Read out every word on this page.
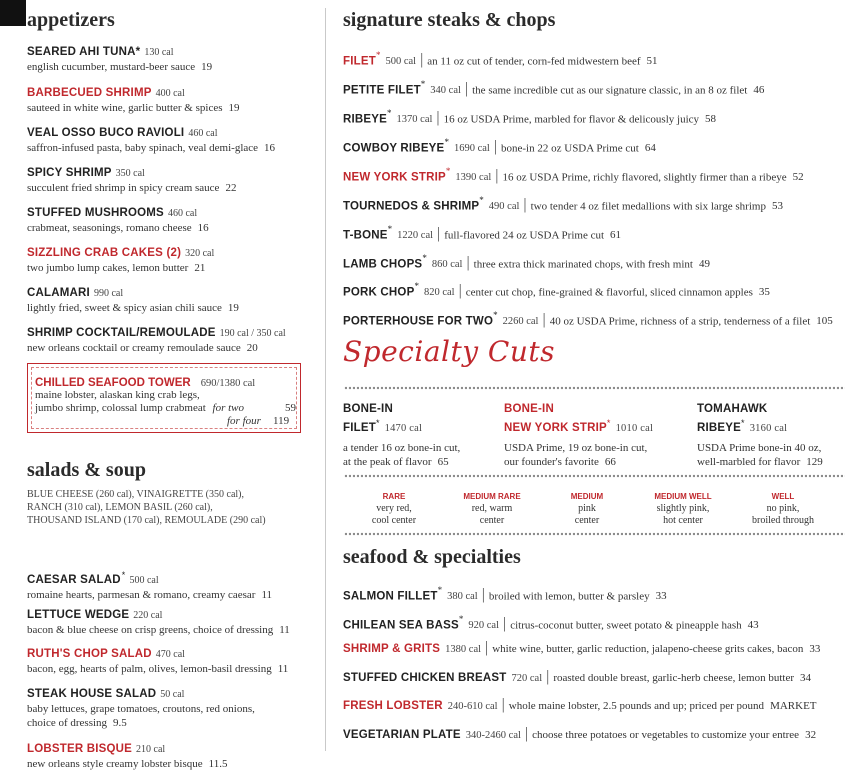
appetizers
SEARED AHI TUNA* 130 cal
english cucumber, mustard-beer sauce 19
BARBECUED SHRIMP 400 cal
sauteed in white wine, garlic butter & spices 19
VEAL OSSO BUCO RAVIOLI 460 cal
saffron-infused pasta, baby spinach, veal demi-glace 16
SPICY SHRIMP 350 cal
succulent fried shrimp in spicy cream sauce 22
STUFFED MUSHROOMS 460 cal
crabmeat, seasonings, romano cheese 16
SIZZLING CRAB CAKES (2) 320 cal
two jumbo lump cakes, lemon butter 21
CALAMARI 990 cal
lightly fried, sweet & spicy asian chili sauce 19
SHRIMP COCKTAIL/REMOULADE 190 cal / 350 cal
new orleans cocktail or creamy remoulade sauce 20
CHILLED SEAFOOD TOWER 690/1380 cal
maine lobster, alaskan king crab legs,
jumbo shrimp, colossal lump crabmeat for two	59
for four 119
salads & soup
BLUE CHEESE (260 cal), VINAIGRETTE (350 cal),
RANCH (310 cal), LEMON BASIL (260 cal),
THOUSAND ISLAND (170 cal), REMOULADE (290 cal)
CAESAR SALAD* 500 cal
romaine hearts, parmesan & romano, creamy caesar 11
LETTUCE WEDGE 220 cal
bacon & blue cheese on crisp greens, choice of dressing 11
RUTH'S CHOP SALAD 470 cal
bacon, egg, hearts of palm, olives, lemon-basil dressing 11
STEAK HOUSE SALAD 50 cal
baby lettuces, grape tomatoes, croutons, red onions,
choice of dressing 9.5
LOBSTER BISQUE 210 cal
new orleans style creamy lobster bisque 11.5
signature steaks & chops
FILET*500 cal | an 11 oz cut of tender, corn-fed midwestern beef 51
PETITE FILET*340 cal | the same incredible cut as our signature classic, in an 8 oz filet 46
RIBEYE*1370 cal | 16 oz USDA Prime, marbled for flavor & delicously juicy 58
COWBOY RIBEYE*1690 cal | bone-in 22 oz USDA Prime cut 64
NEW YORK STRIP*1390 cal | 16 oz USDA Prime, richly flavored, slightly firmer than a ribeye 52
TOURNEDOS & SHRIMP*490 cal | two tender 4 oz filet medallions with six large shrimp 53
T-BONE*1220 cal | full-flavored 24 oz USDA Prime cut 61
LAMB CHOPS*860 cal | three extra thick marinated chops, with fresh mint 49
PORK CHOP*820 cal | center cut chop, fine-grained & flavorful, sliced cinnamon apples 35
PORTERHOUSE FOR TWO*2260 cal | 40 oz USDA Prime, richness of a strip, tenderness of a filet 105
Specialty Cuts
BONE-IN
FILET* 1470 cal
a tender 16 oz bone-in cut,
at the peak of flavor 65
BONE-IN
NEW YORK STRIP* 1010 cal
USDA Prime, 19 oz bone-in cut,
our founder's favorite 66
TOMAHAWK
RIBEYE* 3160 cal
USDA Prime bone-in 40 oz,
well-marbled for flavor 129
RARE
very red,
cool center
MEDIUM RARE
red, warm
center
MEDIUM
pink
center
MEDIUM WELL
slightly pink,
hot center
WELL
no pink,
broiled through
seafood & specialties
SALMON FILLET*380 cal | broiled with lemon, butter & parsley 33
CHILEAN SEA BASS*920 cal | citrus-coconut butter, sweet potato & pineapple hash 43
SHRIMP & GRITS 1380 cal | white wine, butter, garlic reduction, jalapeno-cheese grits cakes, bacon 33
STUFFED CHICKEN BREAST 720 cal | roasted double breast, garlic-herb cheese, lemon butter 34
FRESH LOBSTER 240-610 cal | whole maine lobster, 2.5 pounds and up; priced per pound MARKET
VEGETARIAN PLATE 340-2460 cal | choose three potatoes or vegetables to customize your entree 32
